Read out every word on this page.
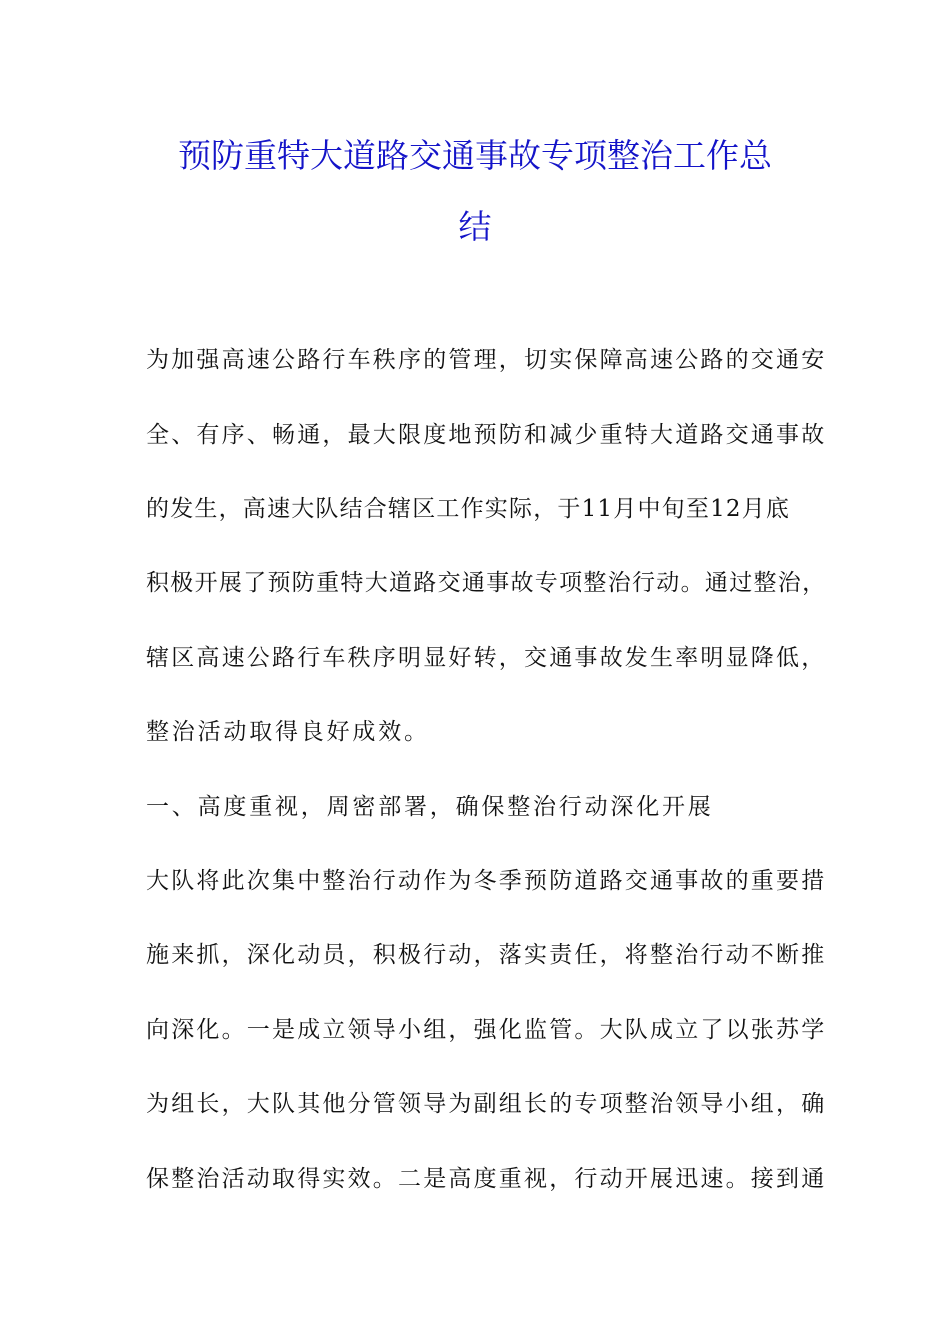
预防重特大道路交通事故专项整治工作总
结

为加强高速公路行车秩序的管理，切实保障高速公路的交通安

全、有序、畅通，最大限度地预防和减少重特大道路交通事故

的发生，高速大队结合辖区工作实际，于11月中旬至12月底

积极开展了预防重特大道路交通事故专项整治行动。通过整治，

辖区高速公路行车秩序明显好转，交通事故发生率明显降低，

整治活动取得良好成效。

一、高度重视，周密部署，确保整治行动深化开展

大队将此次集中整治行动作为冬季预防道路交通事故的重要措

施来抓，深化动员，积极行动，落实责任，将整治行动不断推

向深化。一是成立领导小组，强化监管。大队成立了以张苏学

为组长，大队其他分管领导为副组长的专项整治领导小组，确

保整治活动取得实效。二是高度重视，行动开展迅速。接到通
